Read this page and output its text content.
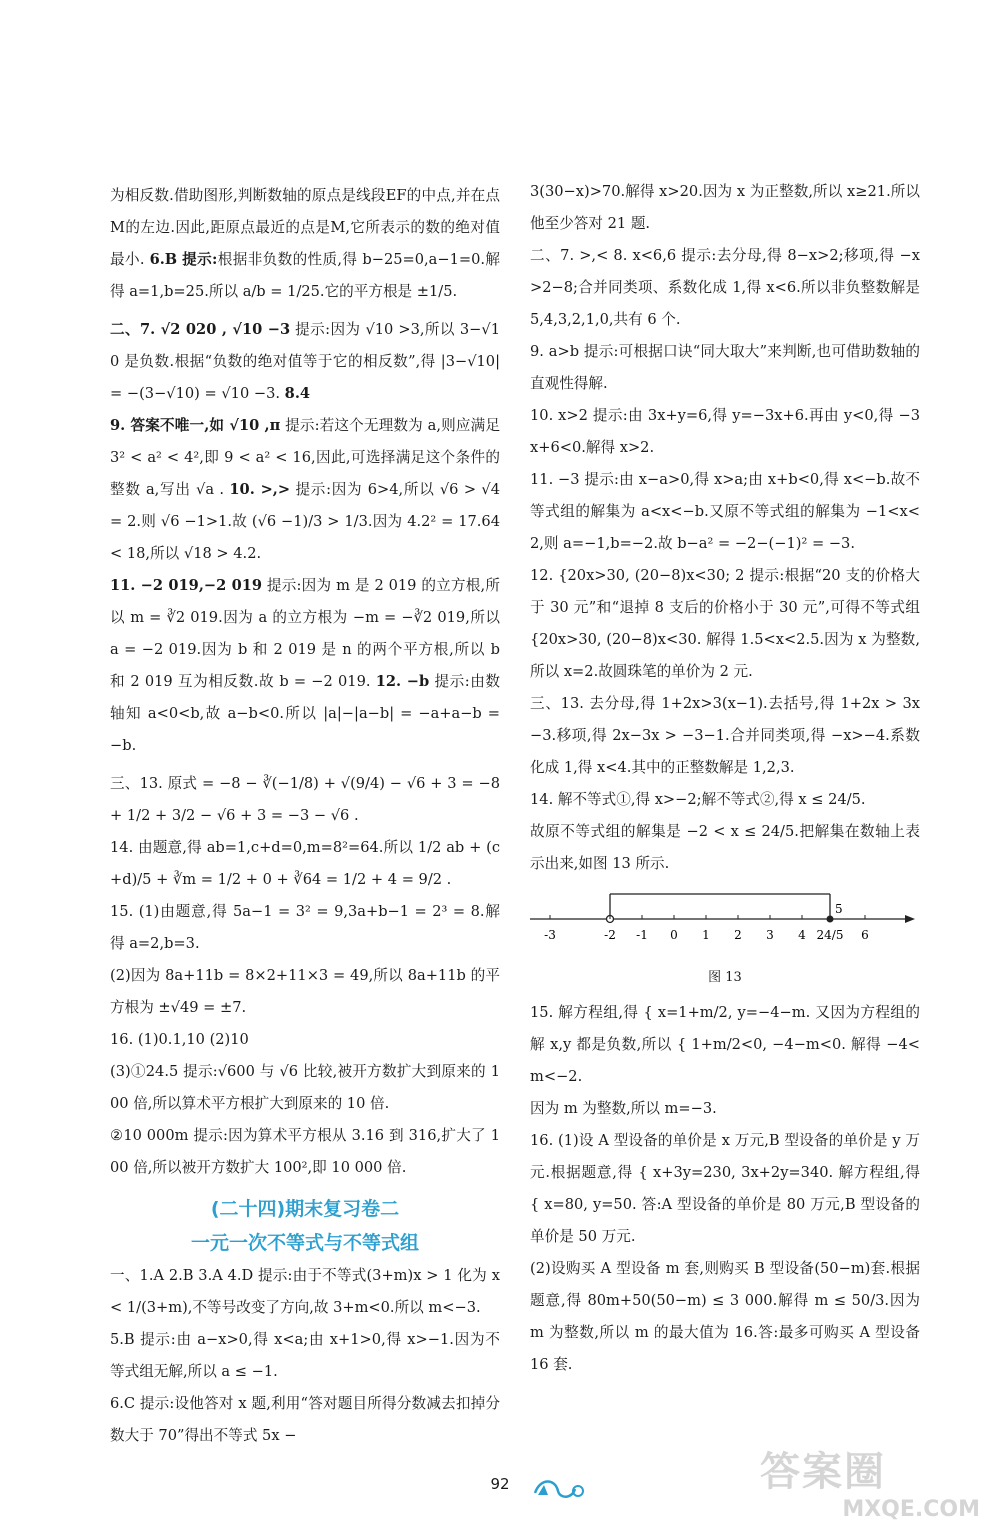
为相反数.借助图形,判断数轴的原点是线段EF的中点,并在点M的左边.因此,距原点最近的点是M,它所表示的数的绝对值最小. 6.B 提示:根据非负数的性质,得 b−25=0,a−1=0.解得 a=1,b=25.所以 a/b = 1/25.它的平方根是 ±1/5.

二、7. √2 020 , √10 −3 提示:因为 √10 >3,所以 3−√10 是负数.根据“负数的绝对值等于它的相反数”,得 |3−√10| = −(3−√10) = √10 −3. 8.4

9. 答案不唯一,如 √10 ,π 提示:若这个无理数为 a,则应满足 3² < a² < 4²,即 9 < a² < 16,因此,可选择满足这个条件的整数 a,写出 √a . 10. >,> 提示:因为 6>4,所以 √6 > √4 = 2.则 √6 −1>1.故 (√6 −1)/3 > 1/3.因为 4.2² = 17.64 < 18,所以 √18 > 4.2.

11. −2 019,−2 019 提示:因为 m 是 2 019 的立方根,所以 m = ∛2 019.因为 a 的立方根为 −m = −∛2 019,所以 a = −2 019.因为 b 和 2 019 是 n 的两个平方根,所以 b 和 2 019 互为相反数.故 b = −2 019. 12. −b 提示:由数轴知 a<0<b,故 a−b<0.所以 |a|−|a−b| = −a+a−b = −b.

三、13. 原式 = −8 − ∛(−1/8) + √(9/4) − √6 + 3 = −8 + 1/2 + 3/2 − √6 + 3 = −3 − √6 .

14. 由题意,得 ab=1,c+d=0,m=8²=64.所以 1/2 ab + (c+d)/5 + ∛m = 1/2 + 0 + ∛64 = 1/2 + 4 = 9/2 .

15. (1)由题意,得 5a−1 = 3² = 9,3a+b−1 = 2³ = 8.解得 a=2,b=3.

(2)因为 8a+11b = 8×2+11×3 = 49,所以 8a+11b 的平方根为 ±√49 = ±7.

16. (1)0.1,10 (2)10

(3)①24.5 提示:√600 与 √6 比较,被开方数扩大到原来的 100 倍,所以算术平方根扩大到原来的 10 倍.

②10 000m 提示:因为算术平方根从 3.16 到 316,扩大了 100 倍,所以被开方数扩大 100²,即 10 000 倍.

(二十四)期末复习卷二
一元一次不等式与不等式组

一、1.A 2.B 3.A 4.D 提示:由于不等式(3+m)x > 1 化为 x < 1/(3+m),不等号改变了方向,故 3+m<0.所以 m<−3.

5.B 提示:由 a−x>0,得 x<a;由 x+1>0,得 x>−1.因为不等式组无解,所以 a ≤ −1.

6.C 提示:设他答对 x 题,利用“答对题目所得分数减去扣掉分数大于 70”得出不等式 5x −

3(30−x)>70.解得 x>20.因为 x 为正整数,所以 x≥21.所以他至少答对 21 题.

二、7. >,< 8. x<6,6 提示:去分母,得 8−x>2;移项,得 −x>2−8;合并同类项、系数化成 1,得 x<6.所以非负整数解是 5,4,3,2,1,0,共有 6 个.

9. a>b 提示:可根据口诀“同大取大”来判断,也可借助数轴的直观性得解.

10. x>2 提示:由 3x+y=6,得 y=−3x+6.再由 y<0,得 −3x+6<0.解得 x>2.

11. −3 提示:由 x−a>0,得 x>a;由 x+b<0,得 x<−b.故不等式组的解集为 a<x<−b.又原不等式组的解集为 −1<x<2,则 a=−1,b=−2.故 b−a² = −2−(−1)² = −3.

12. {20x>30, (20−8)x<30; 2 提示:根据“20 支的价格大于 30 元”和“退掉 8 支后的价格小于 30 元”,可得不等式组 {20x>30, (20−8)x<30. 解得 1.5<x<2.5.因为 x 为整数,所以 x=2.故圆珠笔的单价为 2 元.

三、13. 去分母,得 1+2x>3(x−1).去括号,得 1+2x > 3x−3.移项,得 2x−3x > −3−1.合并同类项,得 −x>−4.系数化成 1,得 x<4.其中的正整数解是 1,2,3.

14. 解不等式①,得 x>−2;解不等式②,得 x ≤ 24/5.

故原不等式组的解集是 −2 < x ≤ 24/5.把解集在数轴上表示出来,如图 13 所示.

5
-3	-2 -1 0 1 2 3 4 24/5 6
图 13

15. 解方程组,得 { x=1+m/2, y=−4−m. 又因为方程组的解 x,y 都是负数,所以 { 1+m/2<0, −4−m<0. 解得 −4<m<−2.

因为 m 为整数,所以 m=−3.

16. (1)设 A 型设备的单价是 x 万元,B 型设备的单价是 y 万元.根据题意,得 { x+3y=230, 3x+2y=340. 解方程组,得 { x=80, y=50. 答:A 型设备的单价是 80 万元,B 型设备的单价是 50 万元.

(2)设购买 A 型设备 m 套,则购买 B 型设备(50−m)套.根据题意,得 80m+50(50−m) ≤ 3 000.解得 m ≤ 50/3.因为 m 为整数,所以 m 的最大值为 16.答:最多可购买 A 型设备 16 套.

92	答案圈
MXQE.COM
